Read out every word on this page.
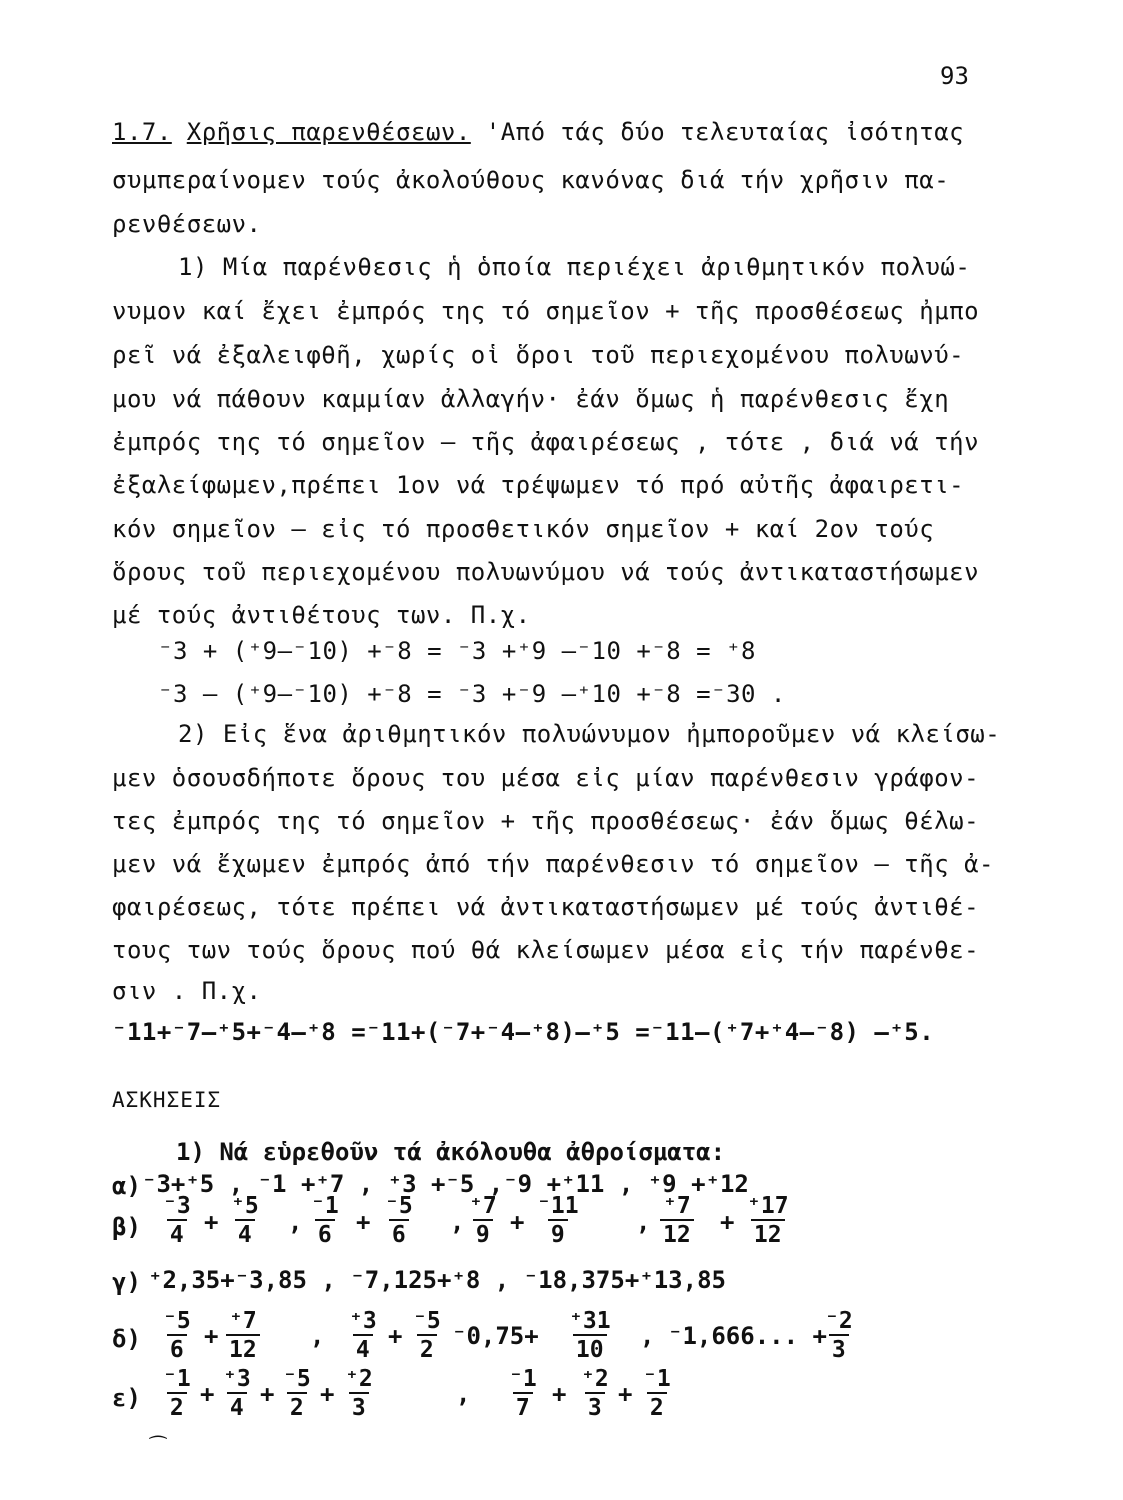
93
1.7. Χρῆσις παρενθέσεων. 'Από τάς δύο τελευταίας ἰσότητας
συμπεραίνομεν τούς ἀκολούθους κανόνας διά τήν χρῆσιν πα-
ρενθέσεων.
1) Μία παρένθεσις ἡ ὁποία περιέχει ἀριθμητικόν πολυώ-
νυμον καί ἔχει ἐμπρός της τό σημεῖον + τῆς προσθέσεως ἠμπο
ρεῖ νά ἐξαλειφθῆ, χωρίς οἱ ὅροι τοῦ περιεχομένου πολυωνύ-
μου νά πάθουν καμμίαν ἀλλαγήν· ἐάν ὅμως ἡ παρένθεσις ἔχη
ἐμπρός της τό σημεῖον – τῆς ἀφαιρέσεως , τότε , διά νά τήν
ἐξαλείφωμεν,πρέπει 1ον νά τρέψωμεν τό πρό αὐτῆς ἀφαιρετι-
κόν σημεῖον – εἰς τό προσθετικόν σημεῖον + καί 2ον τούς
ὅρους τοῦ περιεχομένου πολυωνύμου νά τούς ἀντικαταστήσωμεν
μέ τούς ἀντιθέτους των. Π.χ.
⁻3 + (⁺9–⁻10) +⁻8 = ⁻3 +⁺9 –⁻10 +⁻8 = ⁺8
⁻3 – (⁺9–⁻10) +⁻8 = ⁻3 +⁻9 –⁺10 +⁻8 =⁻30 .
2) Εἰς ἕνα ἀριθμητικόν πολυώνυμον ἠμποροῦμεν νά κλείσω-
μεν ὁσουσδήποτε ὅρους του μέσα εἰς μίαν παρένθεσιν γράφον-
τες ἐμπρός της τό σημεῖον + τῆς προσθέσεως· ἐάν ὅμως θέλω-
μεν νά ἔχωμεν ἐμπρός ἀπό τήν παρένθεσιν τό σημεῖον – τῆς ἀ-
φαιρέσεως, τότε πρέπει νά ἀντικαταστήσωμεν μέ τούς ἀντιθέ-
τους των τούς ὅρους πού θά κλείσωμεν μέσα εἰς τήν παρένθε-
σιν . Π.χ.
⁻11+⁻7–⁺5+⁻4–⁺8 =⁻11+(⁻7+⁻4–⁺8)–⁺5 =⁻11–(⁺7+⁺4–⁻8) –⁺5.
ΑΣΚΗΣΕΙΣ
1) Νά εὑρεθοῦν τά ἀκόλουθα ἀθροίσματα:
α) ⁻3+⁺5 , ⁻1 +⁺7 , ⁺3 +⁻5 ,⁻9 +⁺11 , ⁺9 +⁺12
$\beta) \frac{^-3}{4} + \frac{^+5}{4}$ , $\frac{^-1}{6} + \frac{^-5}{6}$ , $\frac{^+7}{9} + \frac{^-11}{9}$ , $\frac{^+7}{12} + \frac{^+17}{12}$
γ) ⁺2,35+⁻3,85 , ⁻7,125+⁺8 , ⁻18,375+⁺13,85
$\delta) \frac{^-5}{6} + \frac{^+7}{12}$ , $\frac{^+3}{4} + \frac{^-5}{2} ^-0,75+ \frac{^+31}{10}$ , ⁻1,666... +
$\frac{^-2}{3}$
$\varepsilon) \frac{^-1}{2} + \frac{^+3}{4} + \frac{^-5}{2} + \frac{^+2}{3}$	, $\frac{^-1}{7} + \frac{^+2}{3} + \frac{^-1}{2}$
⁀
